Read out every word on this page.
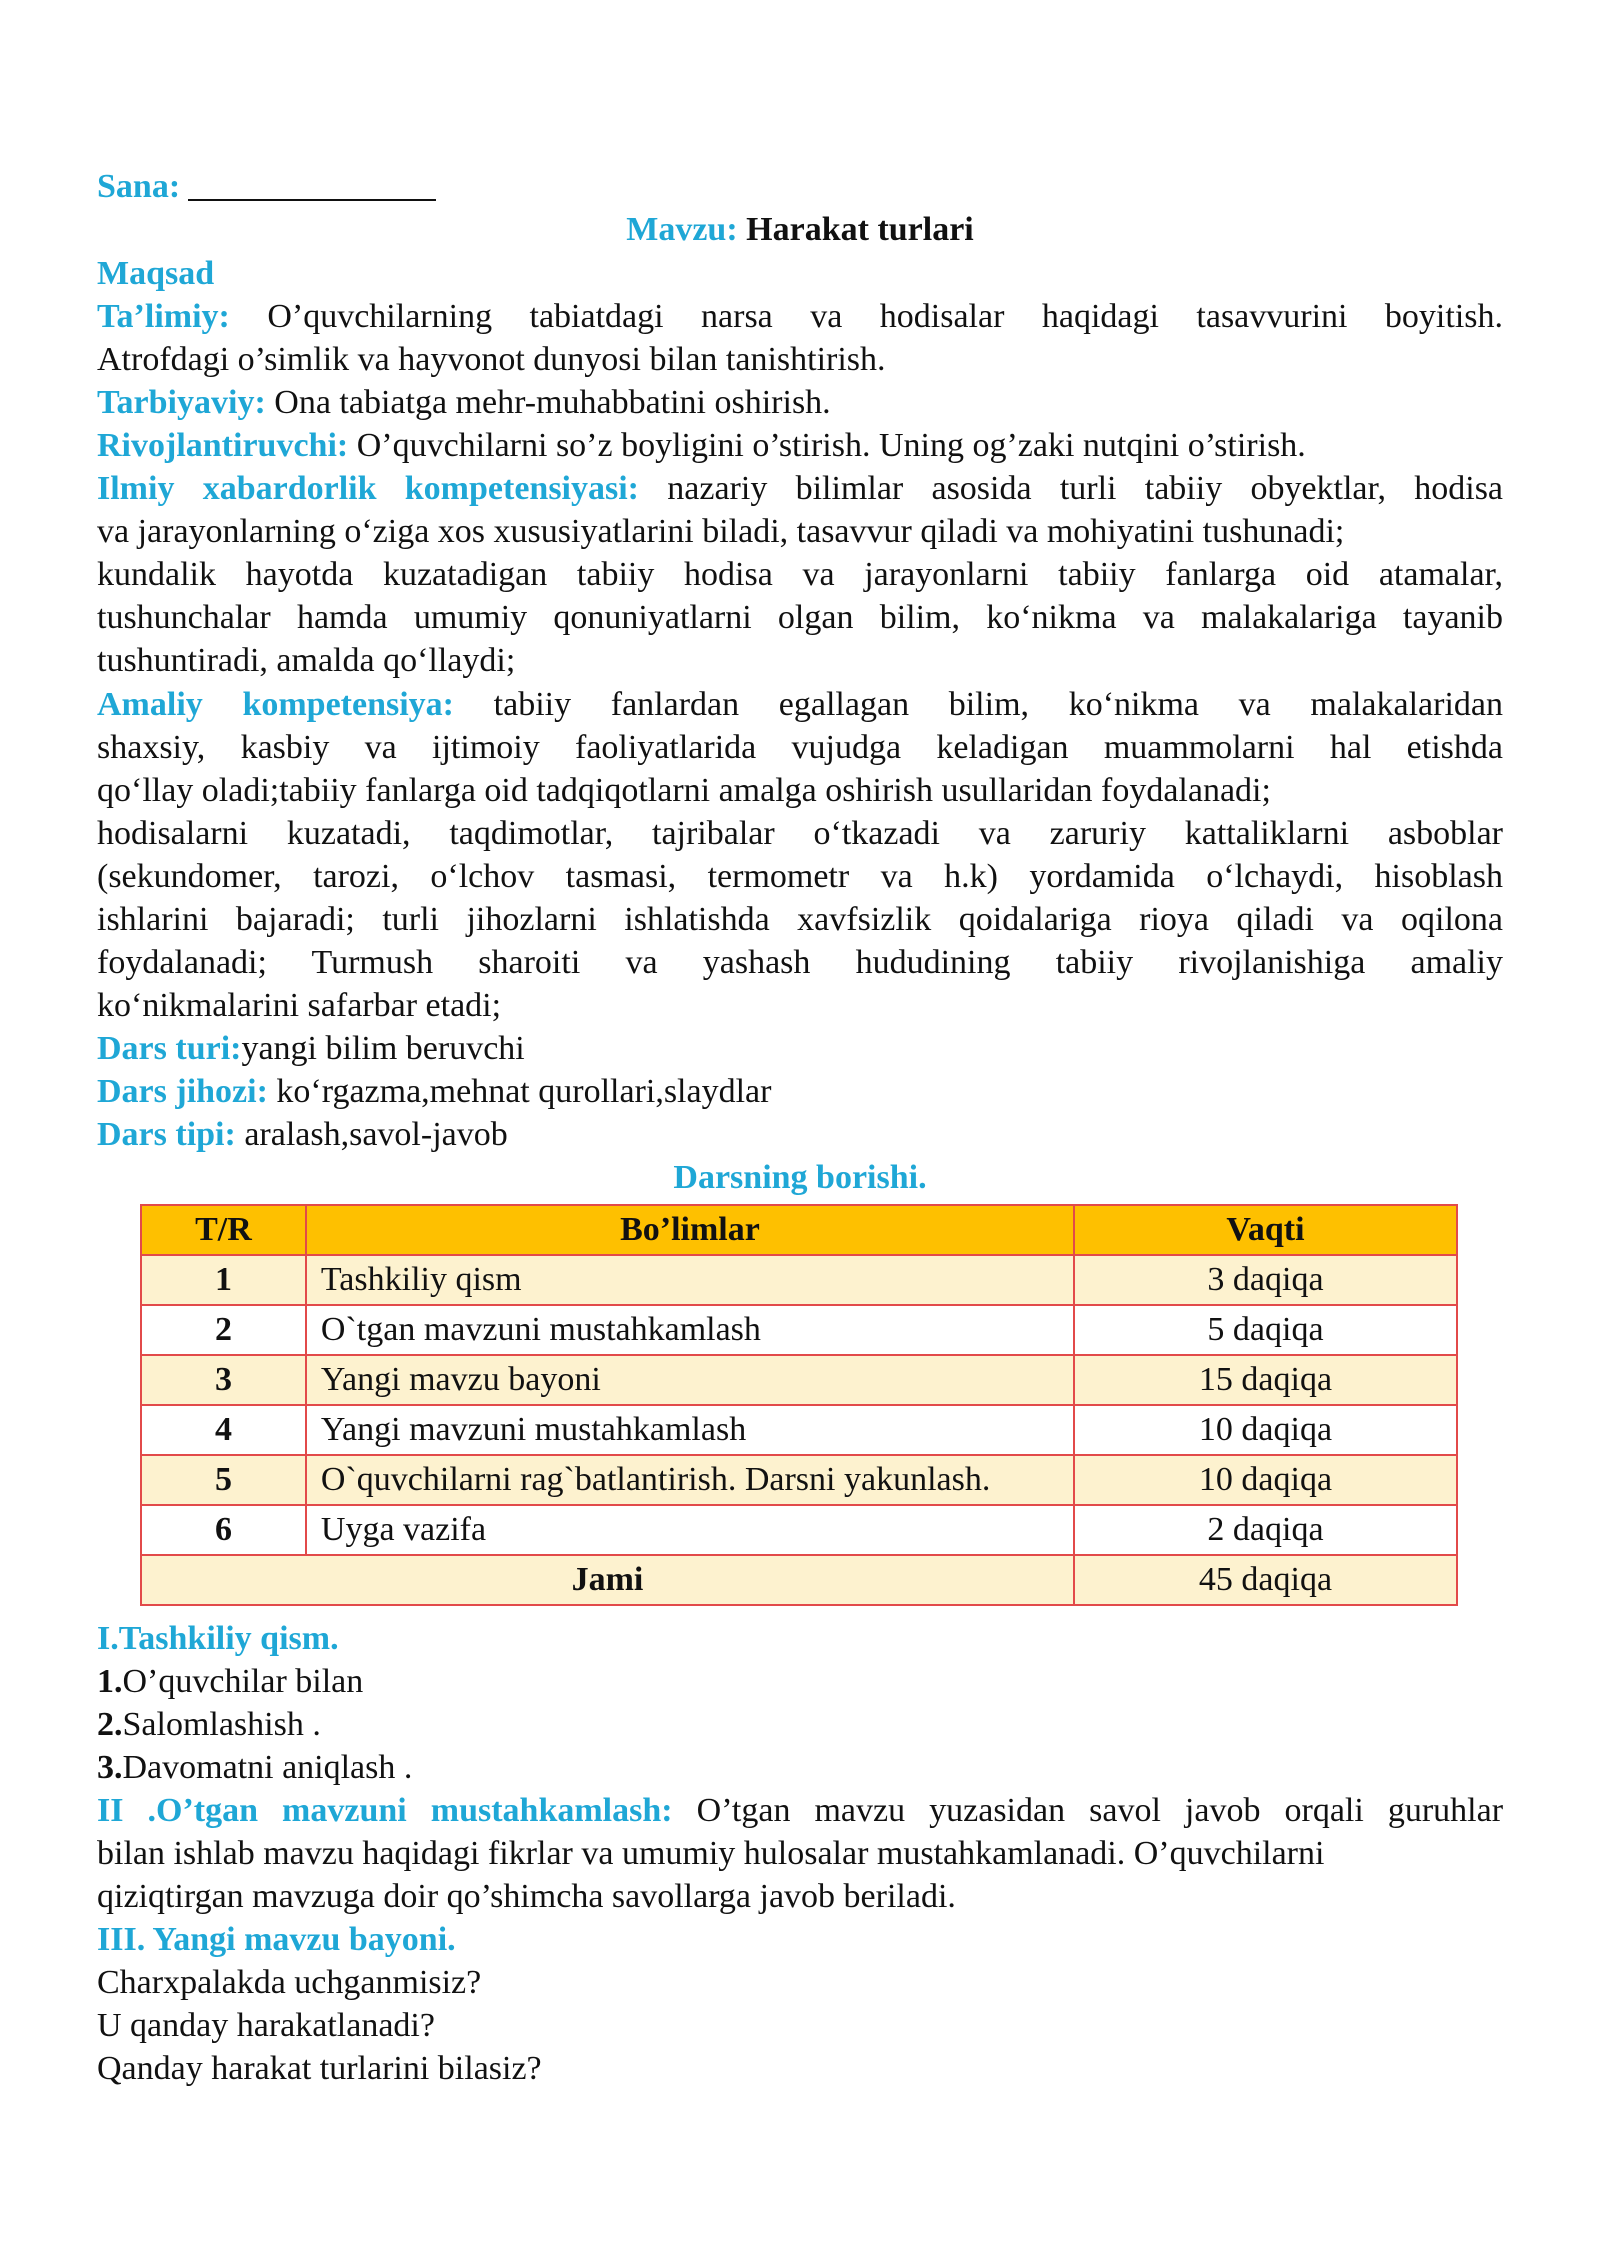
Sana:
Mavzu: Harakat turlari
Maqsad
Ta’limiy: O’quvchilarning tabiatdagi narsa va hodisalar haqidagi tasavvurini boyitish.
Atrofdagi o’simlik va hayvonot dunyosi bilan tanishtirish.
Tarbiyaviy: Ona tabiatga mehr-muhabbatini oshirish.
Rivojlantiruvchi: O’quvchilarni so’z boyligini o’stirish. Uning og’zaki nutqini o’stirish.
Ilmiy xabardorlik kompetensiyasi: nazariy bilimlar asosida turli tabiiy obyektlar, hodisa
va jarayonlarning o‘ziga xos xususiyatlarini biladi, tasavvur qiladi va mohiyatini tushunadi;
kundalik hayotda kuzatadigan tabiiy hodisa va jarayonlarni tabiiy fanlarga oid atamalar,
tushunchalar hamda umumiy qonuniyatlarni olgan bilim, ko‘nikma va malakalariga tayanib
tushuntiradi, amalda qo‘llaydi;
Amaliy kompetensiya: tabiiy fanlardan egallagan bilim, ko‘nikma va malakalaridan
shaxsiy, kasbiy va ijtimoiy faoliyatlarida vujudga keladigan muammolarni hal etishda
qo‘llay oladi;tabiiy fanlarga oid tadqiqotlarni amalga oshirish usullaridan foydalanadi;
hodisalarni kuzatadi, taqdimotlar, tajribalar o‘tkazadi va zaruriy kattaliklarni asboblar
(sekundomer, tarozi, o‘lchov tasmasi, termometr va h.k) yordamida o‘lchaydi, hisoblash
ishlarini bajaradi; turli jihozlarni ishlatishda xavfsizlik qoidalariga rioya qiladi va oqilona
foydalanadi; Turmush sharoiti va yashash hududining tabiiy rivojlanishiga amaliy
ko‘nikmalarini safarbar etadi;
Dars turi:yangi bilim beruvchi
Dars jihozi: ko‘rgazma,mehnat qurollari,slaydlar
Dars tipi: aralash,savol-javob
Darsning borishi.
T/R	Bo’limlar	Vaqti
1	Tashkiliy qism	3 daqiqa
2	O`tgan mavzuni mustahkamlash	5 daqiqa
3	Yangi mavzu bayoni	15 daqiqa
4	Yangi mavzuni mustahkamlash	10 daqiqa
5	O`quvchilarni rag`batlantirish. Darsni yakunlash.	10 daqiqa
6	Uyga vazifa	2 daqiqa
Jami		45 daqiqa
I.Tashkiliy qism.
1.O’quvchilar bilan
2.Salomlashish .
3.Davomatni aniqlash .
II .O’tgan mavzuni mustahkamlash: O’tgan mavzu yuzasidan savol javob orqali guruhlar
bilan ishlab mavzu haqidagi fikrlar va umumiy hulosalar mustahkamlanadi. O’quvchilarni
qiziqtirgan mavzuga doir qo’shimcha savollarga javob beriladi.
III. Yangi mavzu bayoni.
Charxpalakda uchganmisiz?
U qanday harakatlanadi?
Qanday harakat turlarini bilasiz?
